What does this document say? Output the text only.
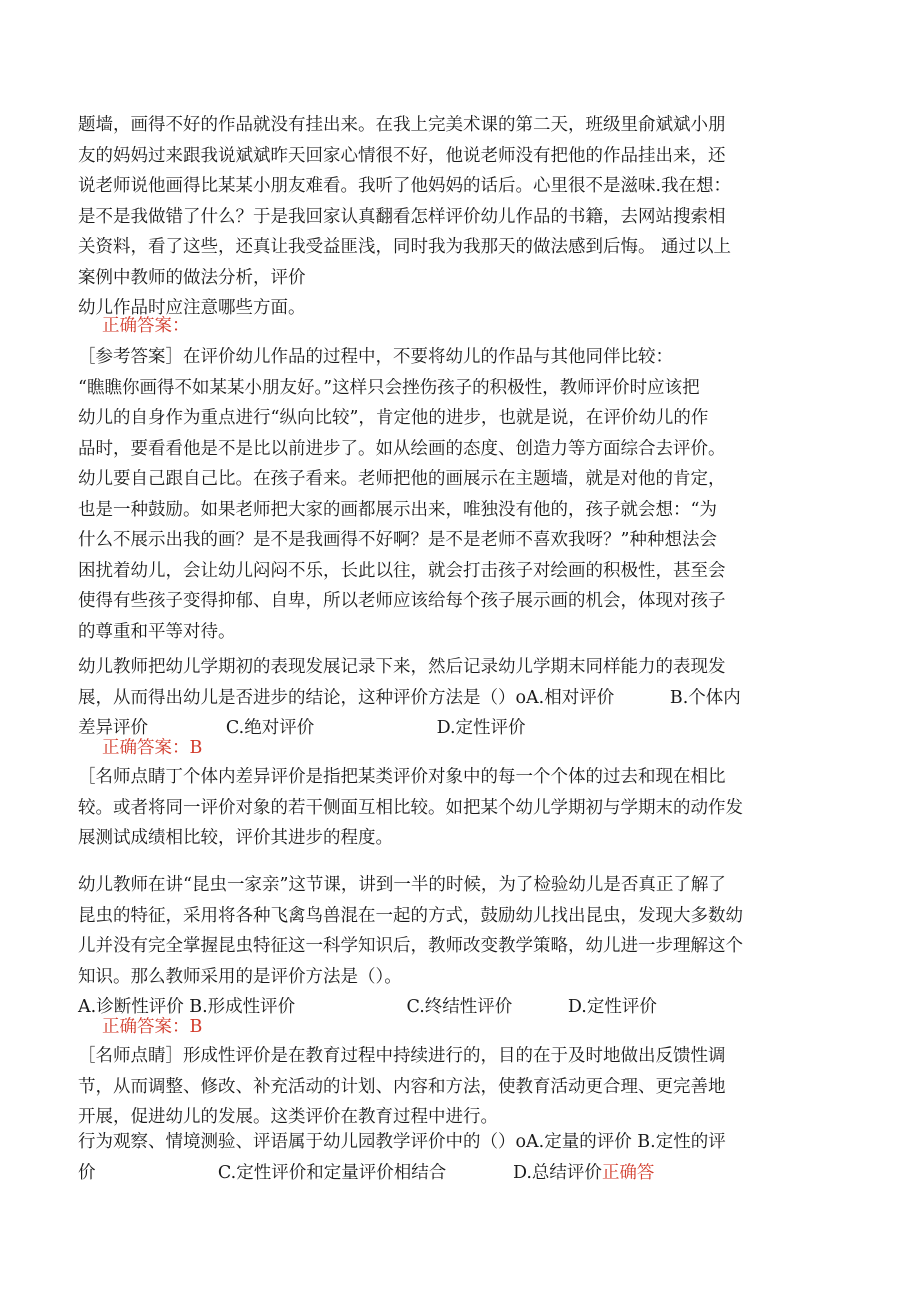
题墙，画得不好的作品就没有挂出来。在我上完美术课的第二天，班级里俞斌斌小朋
友的妈妈过来跟我说斌斌昨天回家心情很不好，他说老师没有把他的作品挂出来，还
说老师说他画得比某某小朋友难看。我听了他妈妈的话后。心里很不是滋味.我在想：
是不是我做错了什么？于是我回家认真翻看怎样评价幼儿作品的书籍，去网站搜索相
关资料，看了这些，还真让我受益匪浅，同时我为我那天的做法感到后悔。 通过以上
案例中教师的做法分析，评价
幼儿作品时应注意哪些方面。
正确答案：
［参考答案］在评价幼儿作品的过程中，不要将幼儿的作品与其他同伴比较：
“瞧瞧你画得不如某某小朋友好。”这样只会挫伤孩子的积极性，教师评价时应该把
幼儿的自身作为重点进行“纵向比较”，肯定他的进步，也就是说，在评价幼儿的作
品时，要看看他是不是比以前进步了。如从绘画的态度、创造力等方面综合去评价。
幼儿要自己跟自己比。在孩子看来。老师把他的画展示在主题墙，就是对他的肯定，
也是一种鼓励。如果老师把大家的画都展示出来，唯独没有他的，孩子就会想：“为
什么不展示出我的画？是不是我画得不好啊？是不是老师不喜欢我呀？”种种想法会
困扰着幼儿，会让幼儿闷闷不乐，长此以往，就会打击孩子对绘画的积极性，甚至会
使得有些孩子变得抑郁、自卑，所以老师应该给每个孩子展示画的机会，体现对孩子
的尊重和平等对待。
幼儿教师把幼儿学期初的表现发展记录下来，然后记录幼儿学期末同样能力的表现发
展，从而得出幼儿是否进步的结论，这种评价方法是（）oA.相对评价          B.个体内
差异评价              C.绝对评价                      D.定性评价
正确答案：B
［名师点睛丁个体内差异评价是指把某类评价对象中的每一个个体的过去和现在相比
较。或者将同一评价对象的若干侧面互相比较。如把某个幼儿学期初与学期末的动作发
展测试成绩相比较，评价其进步的程度。
幼儿教师在讲“昆虫一家亲”这节课，讲到一半的时候，为了检验幼儿是否真正了解了
昆虫的特征，采用将各种飞禽鸟兽混在一起的方式，鼓励幼儿找出昆虫，发现大多数幼
儿并没有完全掌握昆虫特征这一科学知识后，教师改变教学策略，幼儿进一步理解这个
知识。那么教师采用的是评价方法是（）。
A.诊断性评价 B.形成性评价                    C.终结性评价          D.定性评价
正确答案：B
［名师点睛］形成性评价是在教育过程中持续进行的，目的在于及时地做出反馈性调
节，从而调整、修改、补充活动的计划、内容和方法，使教育活动更合理、更完善地
开展，促进幼儿的发展。这类评价在教育过程中进行。
行为观察、情境测验、评语属于幼儿园教学评价中的（）oA.定量的评价 B.定性的评
价                      C.定性评价和定量评价相结合            D.总结评价正确答
